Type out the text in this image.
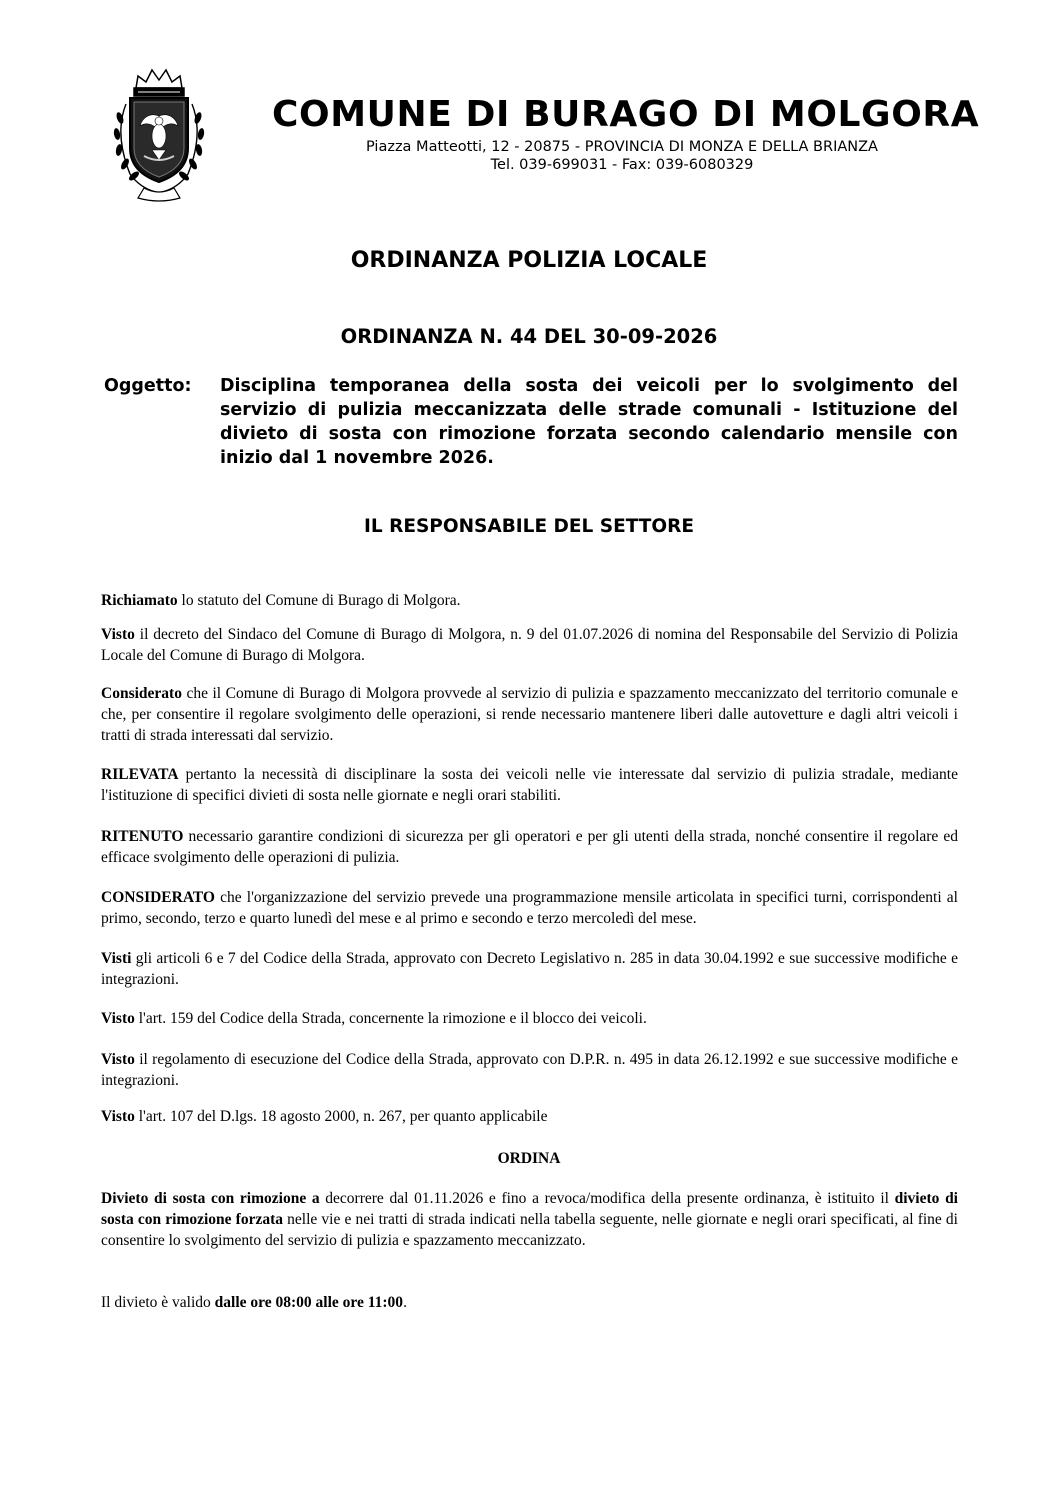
COMUNE DI BURAGO DI MOLGORA
Piazza Matteotti, 12 - 20875 - PROVINCIA DI MONZA E DELLA BRIANZA
Tel. 039-699031 - Fax: 039-6080329
ORDINANZA POLIZIA LOCALE
ORDINANZA N. 44 DEL 30-09-2026
Oggetto: Disciplina temporanea della sosta dei veicoli per lo svolgimento del servizio di pulizia meccanizzata delle strade comunali - Istituzione del divieto di sosta con rimozione forzata secondo calendario mensile con inizio dal 1 novembre 2026.
IL RESPONSABILE DEL SETTORE
Richiamato lo statuto del Comune di Burago di Molgora.
Visto il decreto del Sindaco del Comune di Burago di Molgora, n. 9 del 01.07.2026 di nomina del Responsabile del Servizio di Polizia Locale del Comune di Burago di Molgora.
Considerato che il Comune di Burago di Molgora provvede al servizio di pulizia e spazzamento meccanizzato del territorio comunale e che, per consentire il regolare svolgimento delle operazioni, si rende necessario mantenere liberi dalle autovetture e dagli altri veicoli i tratti di strada interessati dal servizio.
RILEVATA pertanto la necessità di disciplinare la sosta dei veicoli nelle vie interessate dal servizio di pulizia stradale, mediante l'istituzione di specifici divieti di sosta nelle giornate e negli orari stabiliti.
RITENUTO necessario garantire condizioni di sicurezza per gli operatori e per gli utenti della strada, nonché consentire il regolare ed efficace svolgimento delle operazioni di pulizia.
CONSIDERATO che l'organizzazione del servizio prevede una programmazione mensile articolata in specifici turni, corrispondenti al primo, secondo, terzo e quarto lunedì del mese e al primo e secondo e terzo mercoledì del mese.
Visti gli articoli 6 e 7 del Codice della Strada, approvato con Decreto Legislativo n. 285 in data 30.04.1992 e sue successive modifiche e integrazioni.
Visto l'art. 159 del Codice della Strada, concernente la rimozione e il blocco dei veicoli.
Visto il regolamento di esecuzione del Codice della Strada, approvato con D.P.R. n. 495 in data 26.12.1992 e sue successive modifiche e integrazioni.
Visto l'art. 107 del D.lgs. 18 agosto 2000, n. 267, per quanto applicabile
ORDINA
Divieto di sosta con rimozione a decorrere dal 01.11.2026 e fino a revoca/modifica della presente ordinanza, è istituito il divieto di sosta con rimozione forzata nelle vie e nei tratti di strada indicati nella tabella seguente, nelle giornate e negli orari specificati, al fine di consentire lo svolgimento del servizio di pulizia e spazzamento meccanizzato.
Il divieto è valido dalle ore 08:00 alle ore 11:00.
